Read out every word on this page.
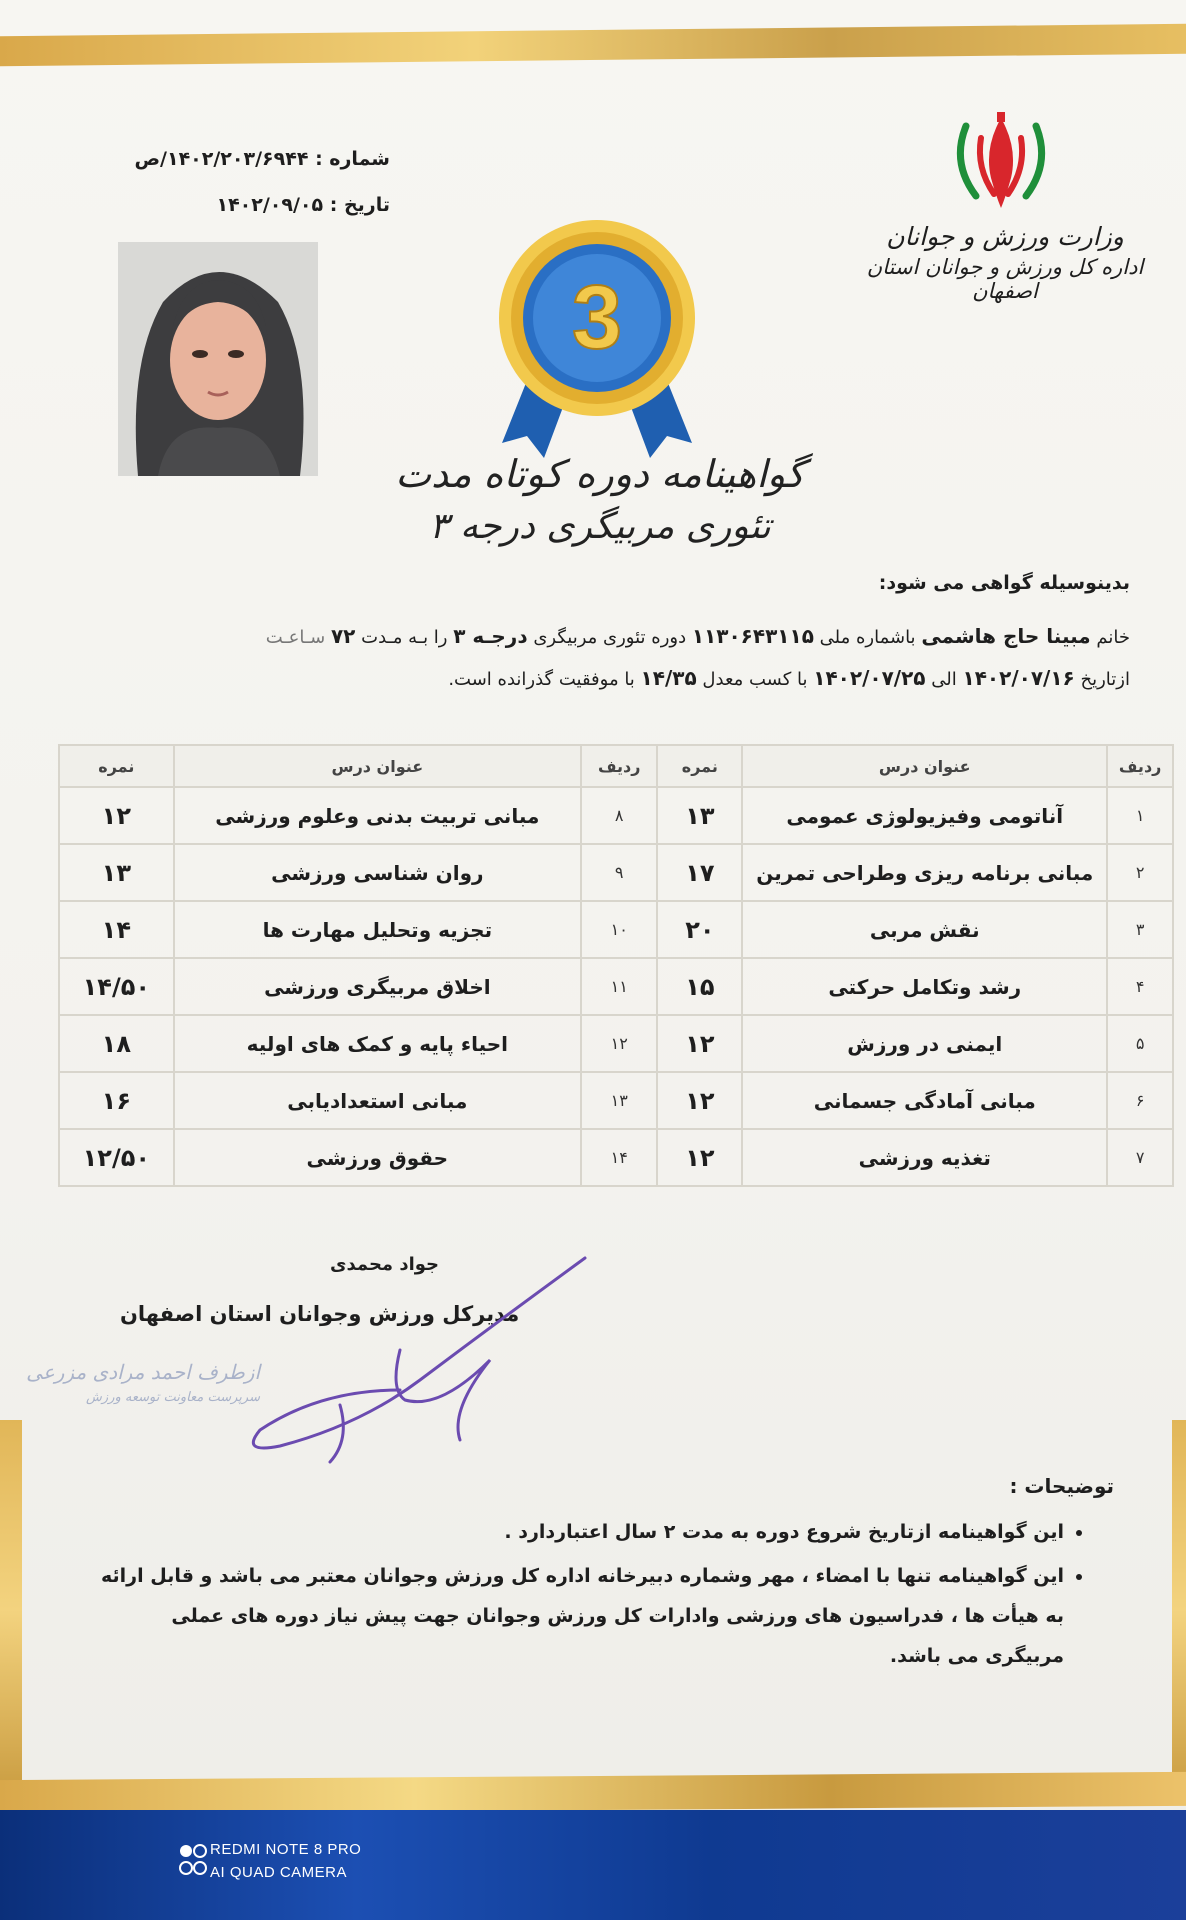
شماره : ۱۴۰۲/۲۰۳/۶۹۴۴/ص
تاریخ : ۱۴۰۲/۰۹/۰۵
وزارت ورزش و جوانان
اداره کل ورزش و جوانان استان اصفهان
3
گواهینامه دوره کوتاه مدت
تئوری مربیگری درجه ۳
بدینوسیله گواهی می شود:
خانم مبینا حاج هاشمی باشماره ملی ۱۱۳۰۶۴۳۱۱۵ دوره تئوری مربیگری درجـه ۳ را بـه مـدت ۷۲ سـاعـت
ازتاریخ ۱۴۰۲/۰۷/۱۶ الی ۱۴۰۲/۰۷/۲۵ با کسب معدل ۱۴/۳۵ با موفقیت گذرانده است.
ردیف	عنوان درس	نمره	ردیف	عنوان درس	نمره
۱	آناتومی وفیزیولوژی عمومی	۱۳	۸	مبانی تربیت بدنی وعلوم ورزشی	۱۲
۲	مبانی برنامه ریزی وطراحی تمرین	۱۷	۹	روان شناسی ورزشی	۱۳
۳	نقش مربی	۲۰	۱۰	تجزیه وتحلیل مهارت ها	۱۴
۴	رشد وتکامل حرکتی	۱۵	۱۱	اخلاق مربیگری ورزشی	۱۴/۵۰
۵	ایمنی در ورزش	۱۲	۱۲	احیاء پایه و کمک های اولیه	۱۸
۶	مبانی آمادگی جسمانی	۱۲	۱۳	مبانی استعدادیابی	۱۶
۷	تغذیه ورزشی	۱۲	۱۴	حقوق ورزشی	۱۲/۵۰
جواد محمدی
مدیرکل ورزش وجوانان استان اصفهان
ازطرف احمد مرادی مزرعی
سرپرست معاونت توسعه ورزش
توضیحات :
• این گواهینامه ازتاریخ شروع دوره به مدت ۲ سال اعتباردارد .
• این گواهینامه تنها با امضاء ، مهر وشماره دبیرخانه اداره کل ورزش وجوانان معتبر می باشد و قابل ارائه به هیأت ها ، فدراسیون های ورزشی وادارات کل ورزش وجوانان جهت پیش نیاز دوره های عملی مربیگری می باشد.
REDMI NOTE 8 PRO
AI QUAD CAMERA
